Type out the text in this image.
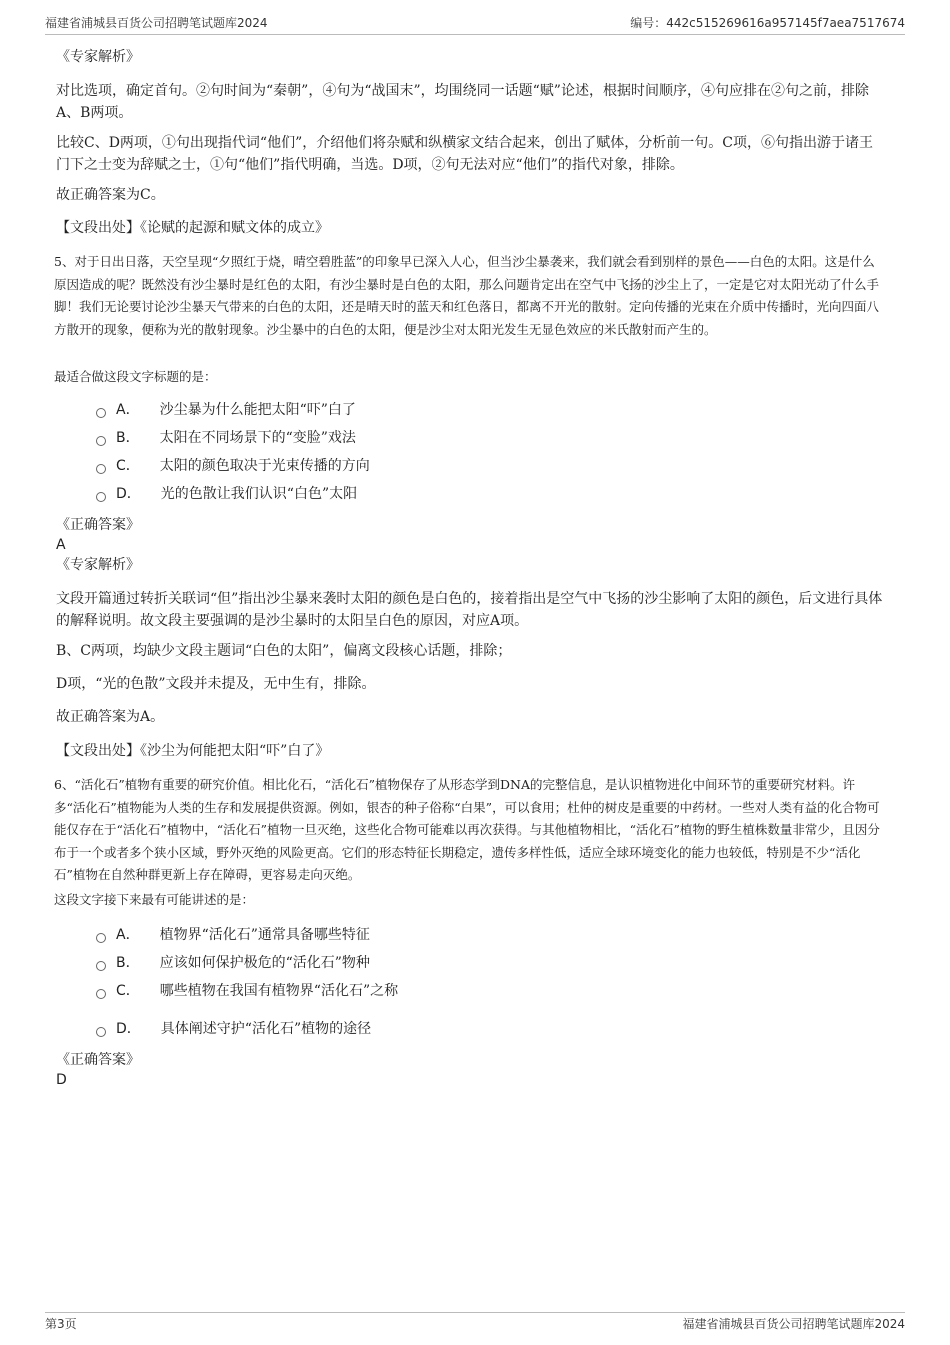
福建省浦城县百货公司招聘笔试题库2024	编号：442c515269616a957145f7aea7517674
《专家解析》
对比选项，确定首句。②句时间为“秦朝”，④句为“战国末”，均围绕同一话题“赋”论述，根据时间顺序，④句应排在②句之前，排除A、B两项。
比较C、D两项，①句出现指代词“他们”，介绍他们将杂赋和纵横家文结合起来，创出了赋体，分析前一句。C项，⑥句指出游于诸王门下之士变为辞赋之士，①句“他们”指代明确，当选。D项，②句无法对应“他们”的指代对象，排除。
故正确答案为C。
【文段出处】《论赋的起源和赋文体的成立》
5、对于日出日落，天空呈现“夕照红于烧，晴空碧胜蓝”的印象早已深入人心，但当沙尘暴袭来，我们就会看到别样的景色——白色的太阳。这是什么原因造成的呢？既然没有沙尘暴时是红色的太阳，有沙尘暴时是白色的太阳，那么问题肯定出在空气中飞扬的沙尘上了，一定是它对太阳光动了什么手脚！我们无论要讨论沙尘暴天气带来的白色的太阳，还是晴天时的蓝天和红色落日，都离不开光的散射。定向传播的光束在介质中传播时，光向四面八方散开的现象，便称为光的散射现象。沙尘暴中的白色的太阳，便是沙尘对太阳光发生无显色效应的米氏散射而产生的。
最适合做这段文字标题的是：
A． 沙尘暴为什么能把太阳“吓”白了
B． 太阳在不同场景下的“变脸”戏法
C． 太阳的颜色取决于光束传播的方向
D． 光的色散让我们认识“白色”太阳
《正确答案》
A
《专家解析》
文段开篇通过转折关联词“但”指出沙尘暴来袭时太阳的颜色是白色的，接着指出是空气中飞扬的沙尘影响了太阳的颜色，后文进行具体的解释说明。故文段主要强调的是沙尘暴时的太阳呈白色的原因，对应A项。
B、C两项，均缺少文段主题词“白色的太阳”，偏离文段核心话题，排除；
D项，“光的色散”文段并未提及，无中生有，排除。
故正确答案为A。
【文段出处】《沙尘为何能把太阳“吓”白了》
6、“活化石”植物有重要的研究价值。相比化石，“活化石”植物保存了从形态学到DNA的完整信息，是认识植物进化中间环节的重要研究材料。许多“活化石”植物能为人类的生存和发展提供资源。例如，银杏的种子俗称“白果”，可以食用；杜仲的树皮是重要的中药材。一些对人类有益的化合物可能仅存在于“活化石”植物中，“活化石”植物一旦灭绝，这些化合物可能难以再次获得。与其他植物相比，“活化石”植物的野生植株数量非常少，且因分布于一个或者多个狭小区域，野外灭绝的风险更高。它们的形态特征长期稳定，遗传多样性低，适应全球环境变化的能力也较低，特别是不少“活化石”植物在自然种群更新上存在障碍，更容易走向灭绝。
这段文字接下来最有可能讲述的是：
A． 植物界“活化石”通常具备哪些特征
B． 应该如何保护极危的“活化石”物种
C． 哪些植物在我国有植物界“活化石”之称
D． 具体阐述守护“活化石”植物的途径
《正确答案》
D
第3页	福建省浦城县百货公司招聘笔试题库2024
